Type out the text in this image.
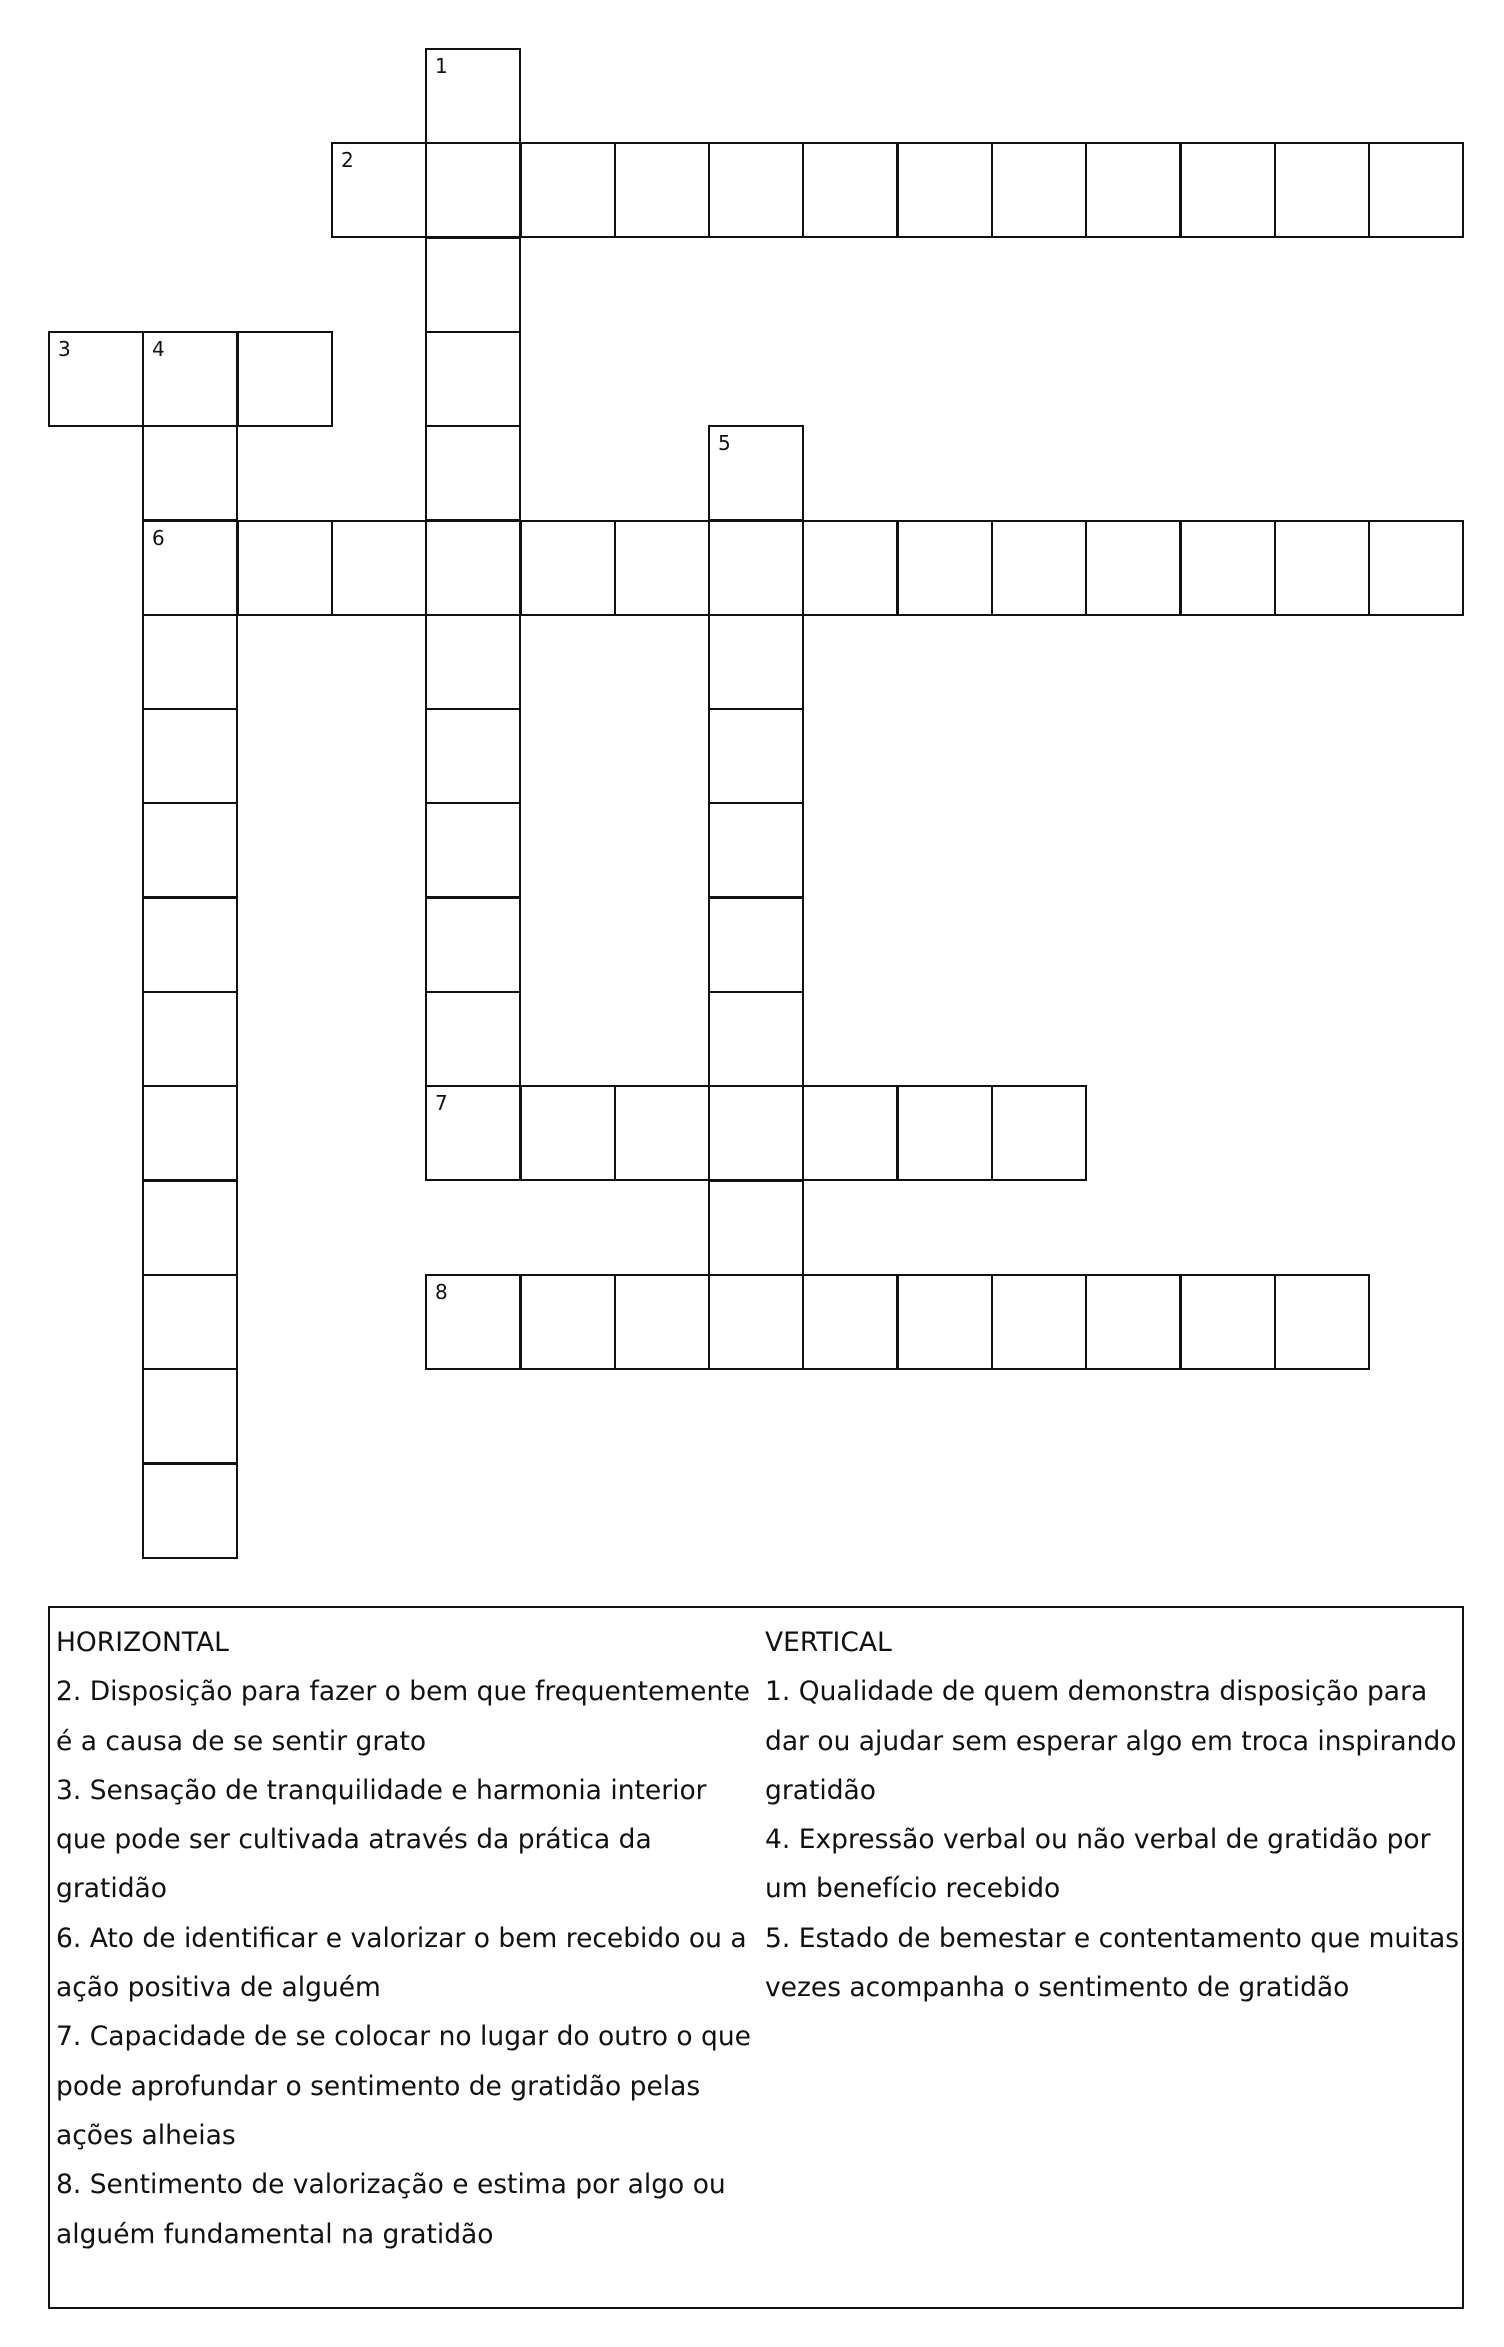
1
2
3	4
5
6
7
8

HORIZONTAL

2. Disposição para fazer o bem que frequentemente é a causa de se sentir grato

3. Sensação de tranquilidade e harmonia interior que pode ser cultivada através da prática da gratidão

6. Ato de identificar e valorizar o bem recebido ou a ação positiva de alguém

7. Capacidade de se colocar no lugar do outro o que pode aprofundar o sentimento de gratidão pelas ações alheias

8. Sentimento de valorização e estima por algo ou alguém fundamental na gratidão

VERTICAL

1. Qualidade de quem demonstra disposição para dar ou ajudar sem esperar algo em troca inspirando gratidão

4. Expressão verbal ou não verbal de gratidão por um benefício recebido

5. Estado de bemestar e contentamento que muitas vezes acompanha o sentimento de gratidão
